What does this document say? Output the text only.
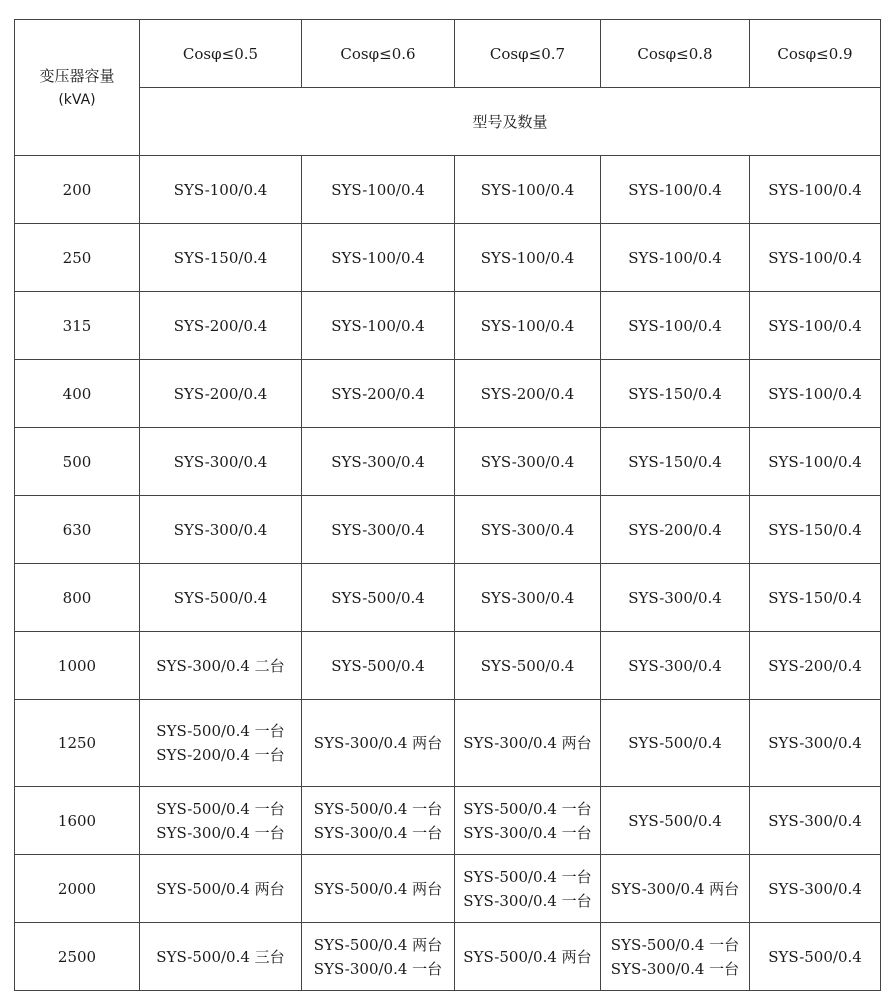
变压器容量
(kVA)	Cosφ≤0.5	Cosφ≤0.6	Cosφ≤0.7	Cosφ≤0.8	Cosφ≤0.9
	型号及数量				
200	SYS-100/0.4	SYS-100/0.4	SYS-100/0.4	SYS-100/0.4	SYS-100/0.4

250	SYS-150/0.4	SYS-100/0.4	SYS-100/0.4	SYS-100/0.4	SYS-100/0.4

315	SYS-200/0.4	SYS-100/0.4	SYS-100/0.4	SYS-100/0.4	SYS-100/0.4

400	SYS-200/0.4	SYS-200/0.4	SYS-200/0.4	SYS-150/0.4	SYS-100/0.4

500	SYS-300/0.4	SYS-300/0.4	SYS-300/0.4	SYS-150/0.4	SYS-100/0.4

630	SYS-300/0.4	SYS-300/0.4	SYS-300/0.4	SYS-200/0.4	SYS-150/0.4

800	SYS-500/0.4	SYS-500/0.4	SYS-300/0.4	SYS-300/0.4	SYS-150/0.4

1000	SYS-300/0.4 二台	SYS-500/0.4	SYS-500/0.4	SYS-300/0.4	SYS-200/0.4

1250	SYS-500/0.4 一台
SYS-200/0.4 一台	SYS-300/0.4 两台	SYS-300/0.4 两台	SYS-500/0.4	SYS-300/0.4

1600	SYS-500/0.4 一台
SYS-300/0.4 一台	SYS-500/0.4 一台
SYS-300/0.4 一台	SYS-500/0.4 一台
SYS-300/0.4 一台	SYS-500/0.4	SYS-300/0.4

2000	SYS-500/0.4 两台	SYS-500/0.4 两台	SYS-500/0.4 一台
SYS-300/0.4 一台	SYS-300/0.4 两台	SYS-300/0.4

2500	SYS-500/0.4 三台	SYS-500/0.4 两台
SYS-300/0.4 一台	SYS-500/0.4 两台	SYS-500/0.4 一台
SYS-300/0.4 一台	SYS-500/0.4
